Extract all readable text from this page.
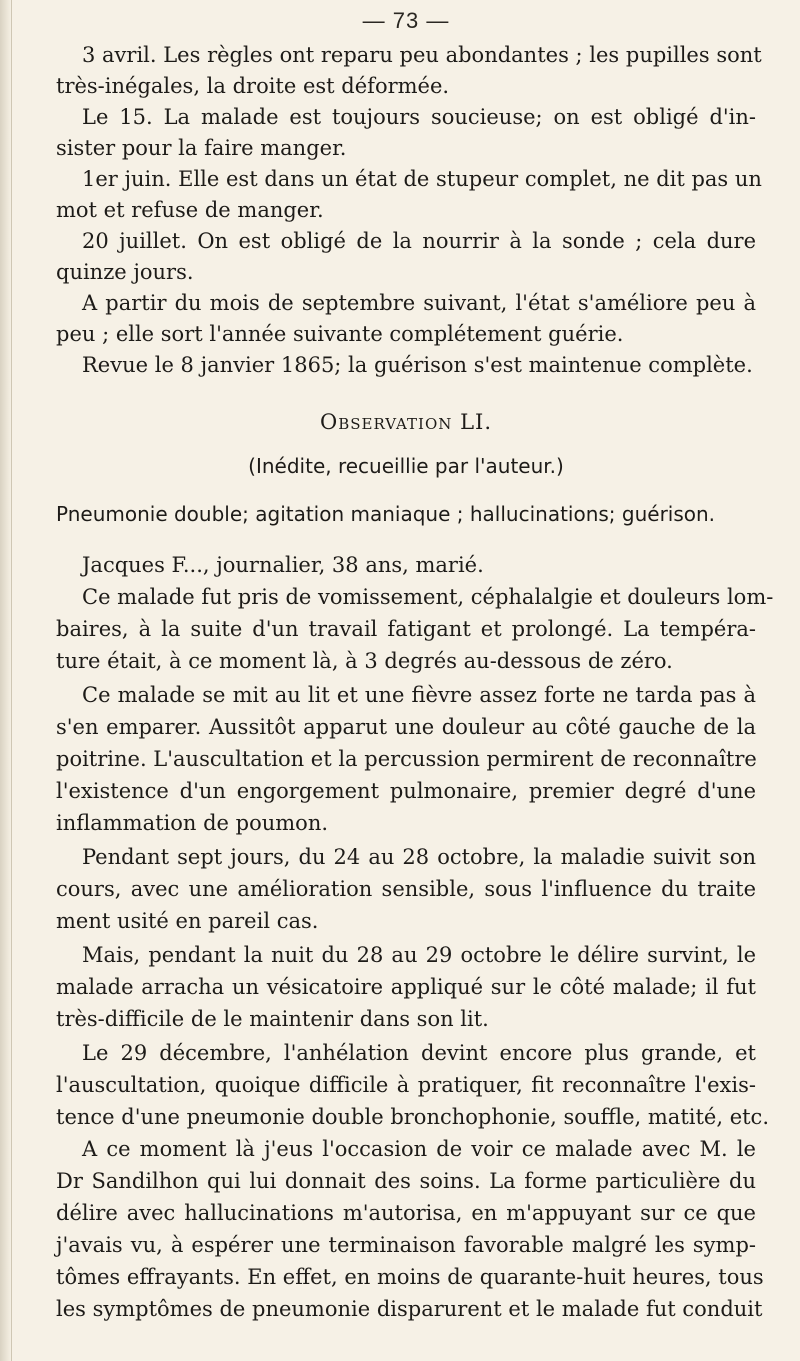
— 73 —
3 avril. Les règles ont reparu peu abondantes ; les pupilles sont
très-inégales, la droite est déformée.
Le 15. La malade est toujours soucieuse; on est obligé d'in-
sister pour la faire manger.
1er juin. Elle est dans un état de stupeur complet, ne dit pas un
mot et refuse de manger.
20 juillet. On est obligé de la nourrir à la sonde ; cela dure
quinze jours.
A partir du mois de septembre suivant, l'état s'améliore peu à
peu ; elle sort l'année suivante complétement guérie.
Revue le 8 janvier 1865; la guérison s'est maintenue complète.
Observation LI.
(Inédite, recueillie par l'auteur.)
Pneumonie double; agitation maniaque ; hallucinations; guérison.
Jacques F..., journalier, 38 ans, marié.
Ce malade fut pris de vomissement, céphalalgie et douleurs lom-
baires, à la suite d'un travail fatigant et prolongé. La tempéra-
ture était, à ce moment là, à 3 degrés au-dessous de zéro.
Ce malade se mit au lit et une fièvre assez forte ne tarda pas à
s'en emparer. Aussitôt apparut une douleur au côté gauche de la
poitrine. L'auscultation et la percussion permirent de reconnaître
l'existence d'un engorgement pulmonaire, premier degré d'une
inflammation de poumon.
Pendant sept jours, du 24 au 28 octobre, la maladie suivit son
cours, avec une amélioration sensible, sous l'influence du traite
ment usité en pareil cas.
Mais, pendant la nuit du 28 au 29 octobre le délire survint, le
malade arracha un vésicatoire appliqué sur le côté malade; il fut
très-difficile de le maintenir dans son lit.
Le 29 décembre, l'anhélation devint encore plus grande, et
l'auscultation, quoique difficile à pratiquer, fit reconnaître l'exis-
tence d'une pneumonie double bronchophonie, souffle, matité, etc.
A ce moment là j'eus l'occasion de voir ce malade avec M. le
Dr Sandilhon qui lui donnait des soins. La forme particulière du
délire avec hallucinations m'autorisa, en m'appuyant sur ce que
j'avais vu, à espérer une terminaison favorable malgré les symp-
tômes effrayants. En effet, en moins de quarante-huit heures, tous
les symptômes de pneumonie disparurent et le malade fut conduit
